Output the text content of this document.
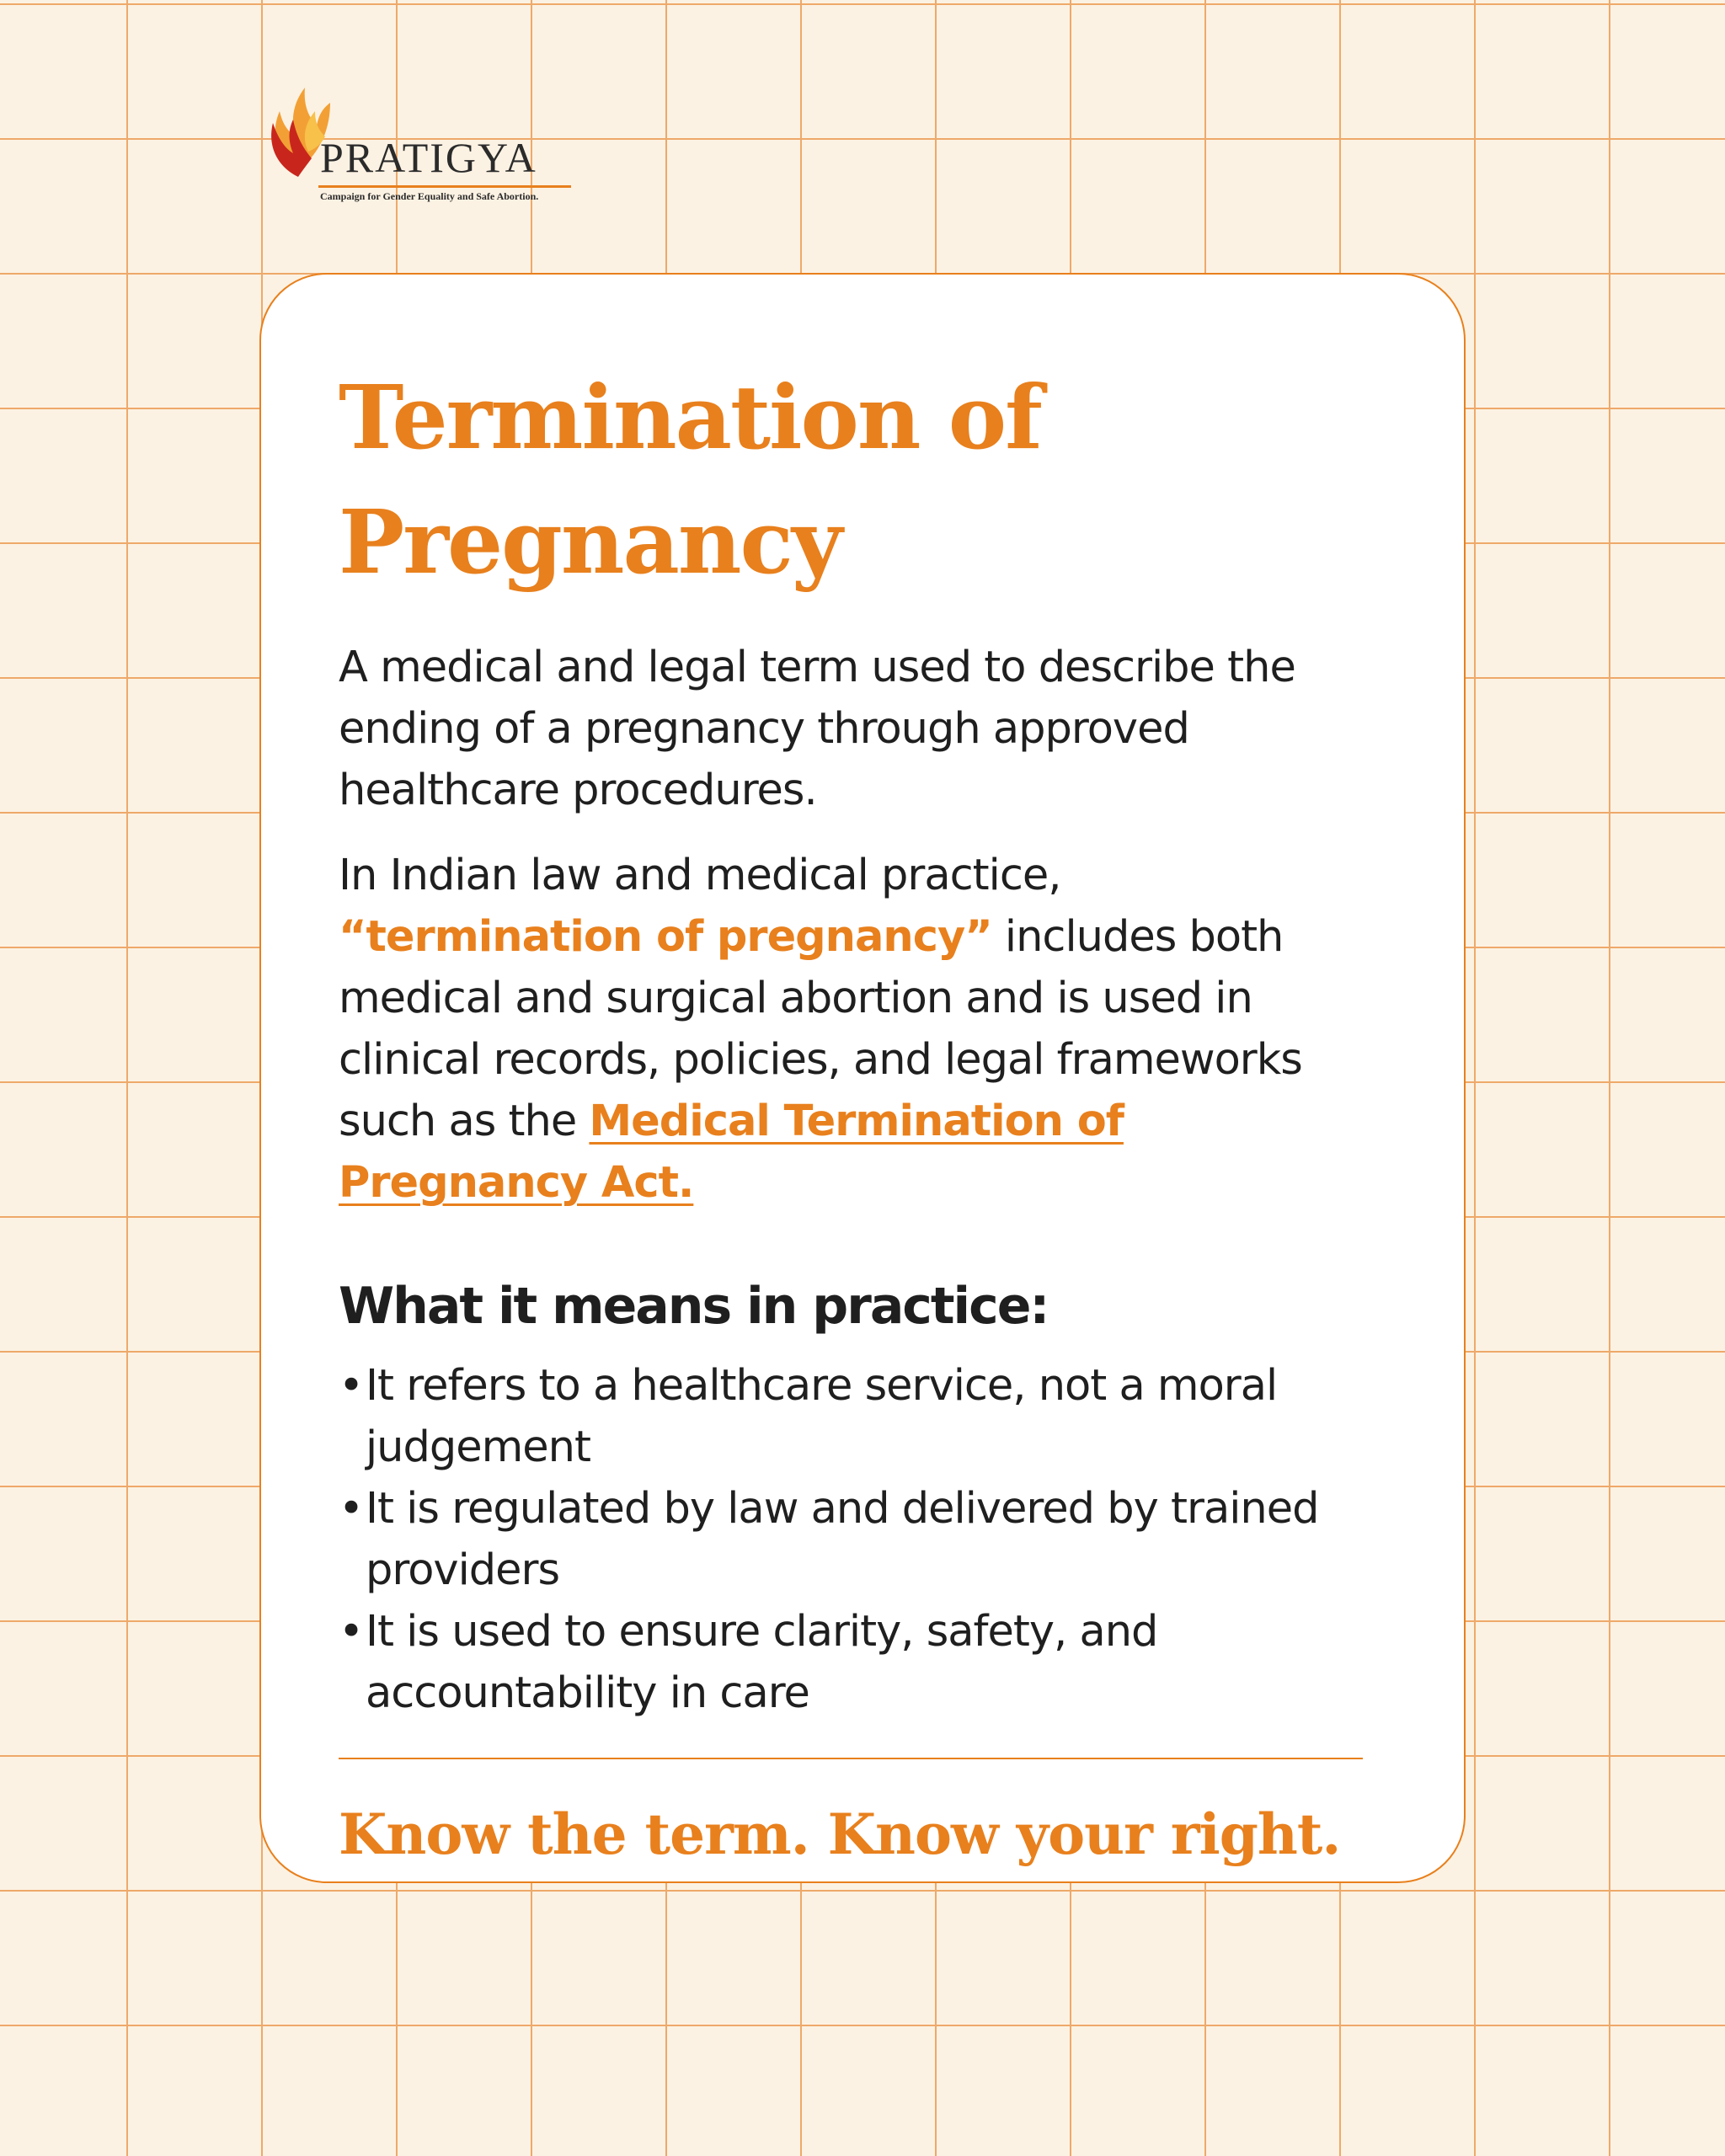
PRATIGYA
Campaign for Gender Equality and Safe Abortion.
Termination of Pregnancy

A medical and legal term used to describe the ending of a pregnancy through approved healthcare procedures.

In Indian law and medical practice, “termination of pregnancy” includes both medical and surgical abortion and is used in clinical records, policies, and legal frameworks such as the Medical Termination of Pregnancy Act.

What it means in practice:
• It refers to a healthcare service, not a moral judgement
• It is regulated by law and delivered by trained providers
• It is used to ensure clarity, safety, and accountability in care

Know the term. Know your right.
